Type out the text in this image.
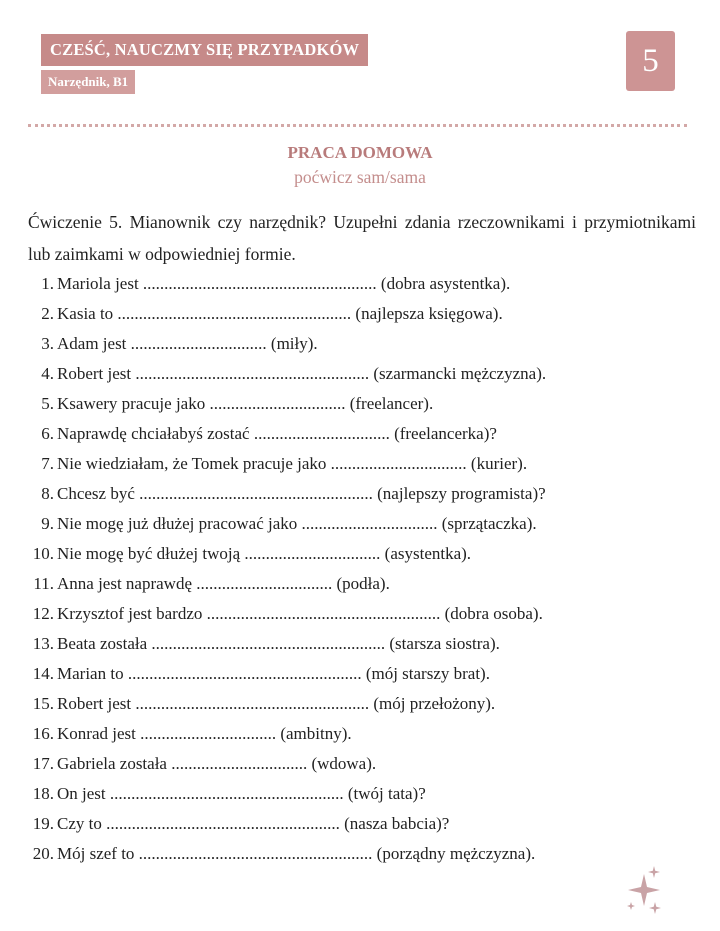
CZEŚĆ, NAUCZMY SIĘ PRZYPADKÓW
Narzędnik, B1
5
PRACA DOMOWA
poćwicz sam/sama

Ćwiczenie 5. Mianownik czy narzędnik? Uzupełni zdania rzeczownikami i przymiotnikami lub zaimkami w odpowiedniej formie.

1. Mariola jest ....................................................... (dobra asystentka).
2. Kasia to ....................................................... (najlepsza księgowa).
3. Adam jest ................................ (miły).
4. Robert jest ....................................................... (szarmancki mężczyzna).
5. Ksawery pracuje jako ................................ (freelancer).
6. Naprawdę chciałabyś zostać ................................ (freelancerka)?
7. Nie wiedziałam, że Tomek pracuje jako ................................ (kurier).
8. Chcesz być ....................................................... (najlepszy programista)?
9. Nie mogę już dłużej pracować jako ................................ (sprzątaczka).
10. Nie mogę być dłużej twoją ................................ (asystentka).
11. Anna jest naprawdę ................................ (podła).
12. Krzysztof jest bardzo ....................................................... (dobra osoba).
13. Beata została ....................................................... (starsza siostra).
14. Marian to ....................................................... (mój starszy brat).
15. Robert jest ....................................................... (mój przełożony).
16. Konrad jest ................................ (ambitny).
17. Gabriela została ................................ (wdowa).
18. On jest ....................................................... (twój tata)?
19. Czy to ....................................................... (nasza babcia)?
20. Mój szef to ....................................................... (porządny mężczyzna).
